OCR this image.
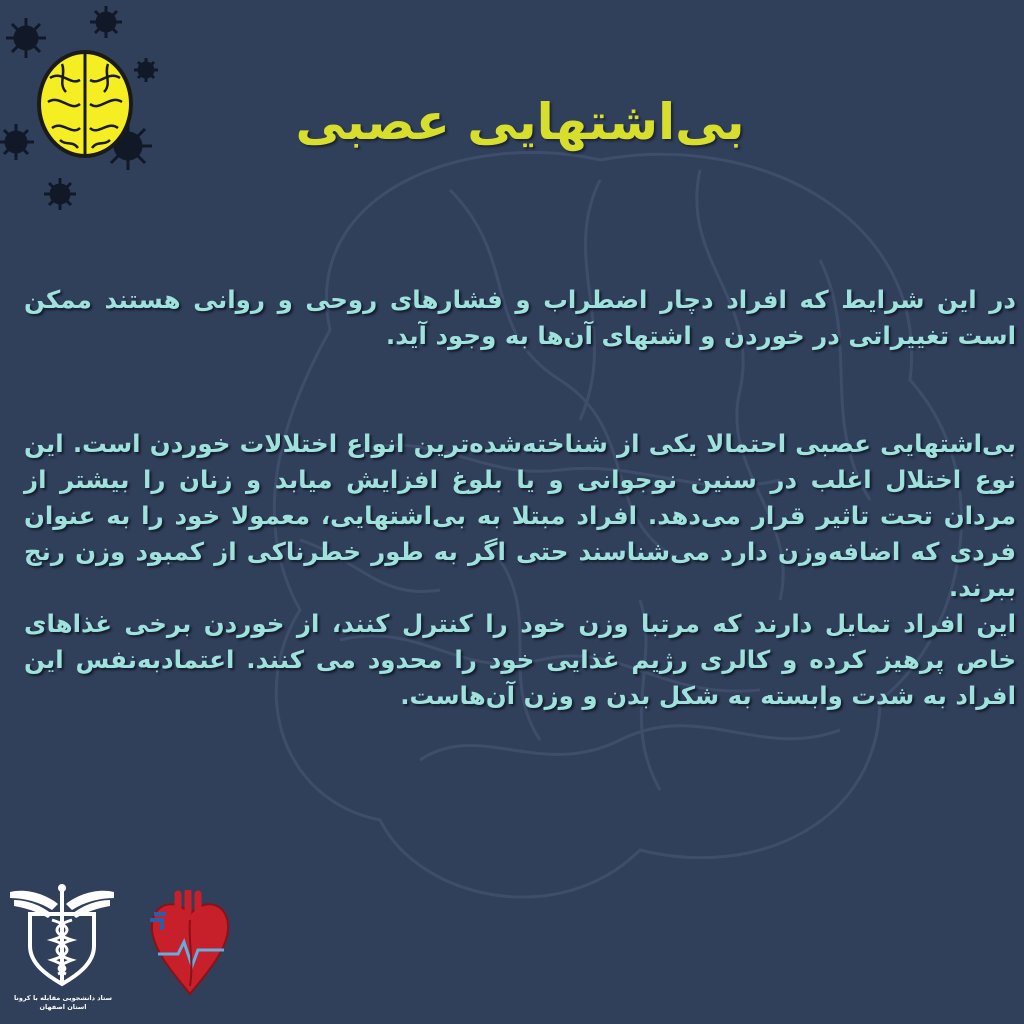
بی‌اشتهایی عصبی

در این شرایط که افراد دچار اضطراب و فشارهای روحی و روانی هستند ممکن است تغییراتی در خوردن و اشتهای آن‌ها به وجود آید.

بی‌اشتهایی عصبی احتمالا یکی از شناخته‌شده‌ترین انواع اختلالات خوردن است. این نوع اختلال اغلب در سنین نوجوانی و یا بلوغ افزایش میابد و زنان را بیشتر از مردان تحت تاثیر قرار می‌دهد. افراد مبتلا به بی‌اشتهایی، معمولا خود را به عنوان فردی که اضافه‌وزن دارد می‌شناسند حتی اگر به طور خطرناکی از کمبود وزن رنج ببرند.

این افراد تمایل دارند که مرتبا وزن خود را کنترل کنند، از خوردن برخی غذاهای خاص پرهیز کرده و کالری رژیم غذایی خود را محدود می کنند. اعتمادبه‌نفس این افراد به شدت وابسته به شکل بدن و وزن آن‌هاست.

ستاد دانشجویی مقابله با کرونا
استان اصفهان
